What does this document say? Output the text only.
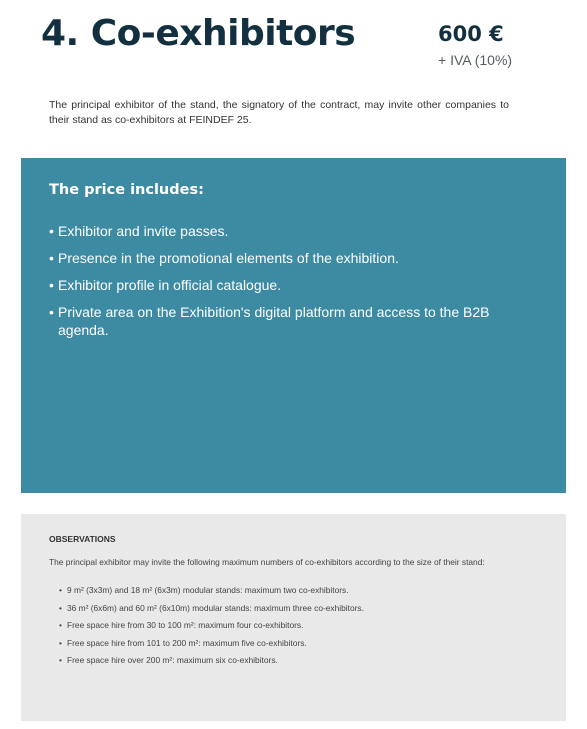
4. Co-exhibitors	600 €
+ IVA (10%)

The principal exhibitor of the stand, the signatory of the contract, may invite other companies to their stand as co-exhibitors at FEINDEF 25.

The price includes:
• Exhibitor and invite passes.
• Presence in the promotional elements of the exhibition.
• Exhibitor profile in official catalogue.
• Private area on the Exhibition's digital platform and access to the B2B agenda.
OBSERVATIONS

The principal exhibitor may invite the following maximum numbers of co-exhibitors according to the size of their stand:

• 9 m² (3x3m) and 18 m² (6x3m) modular stands: maximum two co-exhibitors.
• 36 m² (6x6m) and 60 m² (6x10m) modular stands: maximum three co-exhibitors.
• Free space hire from 30 to 100 m²: maximum four co-exhibitors.
• Free space hire from 101 to 200 m²: maximum five co-exhibitors.
• Free space hire over 200 m²: maximum six co-exhibitors.
